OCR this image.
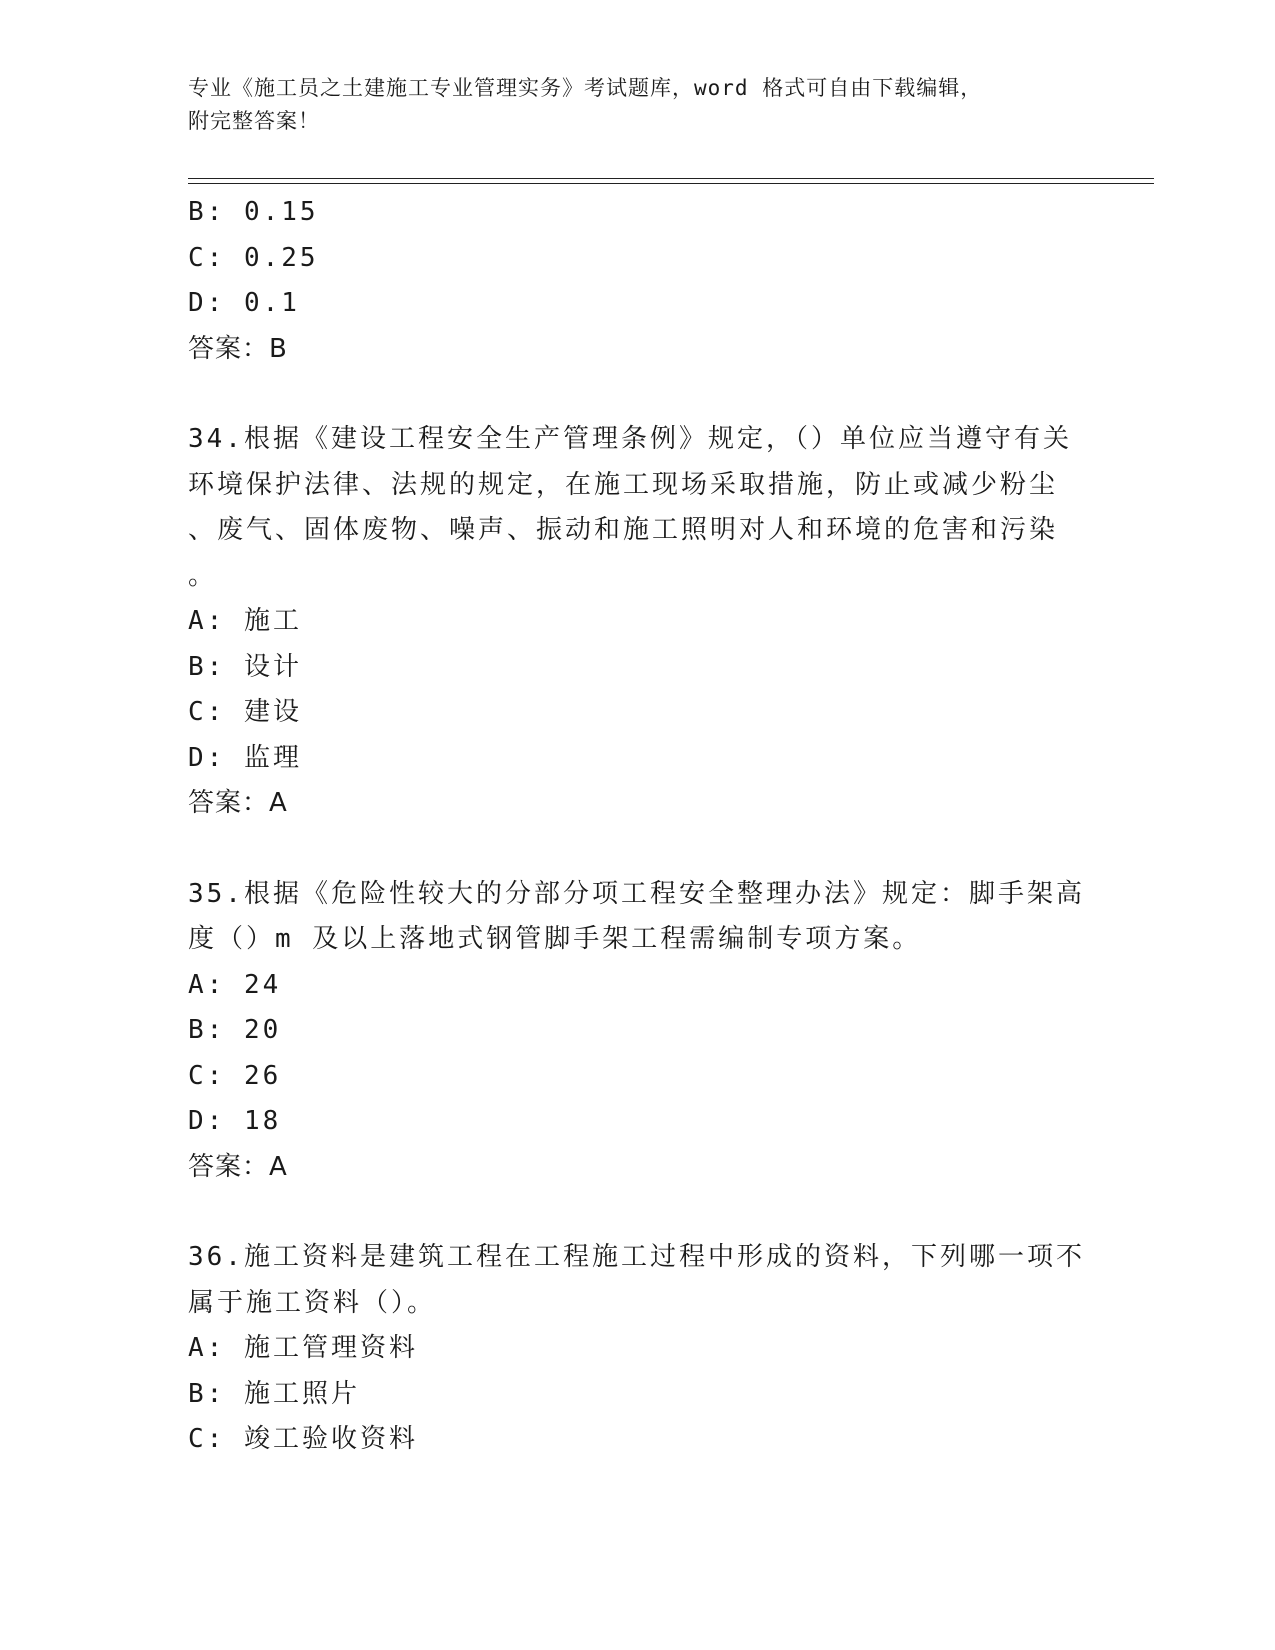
专业《施工员之土建施工专业管理实务》考试题库，word 格式可自由下载编辑，
附完整答案！
B: 0.15
C: 0.25
D: 0.1
答案：B
34.根据《建设工程安全生产管理条例》规定，（）单位应当遵守有关
环境保护法律、法规的规定，在施工现场采取措施，防止或减少粉尘
、废气、固体废物、噪声、振动和施工照明对人和环境的危害和污染
。
A: 施工
B: 设计
C: 建设
D: 监理
答案：A
35.根据《危险性较大的分部分项工程安全整理办法》规定：脚手架高
度（）m 及以上落地式钢管脚手架工程需编制专项方案。
A: 24
B: 20
C: 26
D: 18
答案：A
36.施工资料是建筑工程在工程施工过程中形成的资料，下列哪一项不
属于施工资料（）。
A: 施工管理资料
B: 施工照片
C: 竣工验收资料
